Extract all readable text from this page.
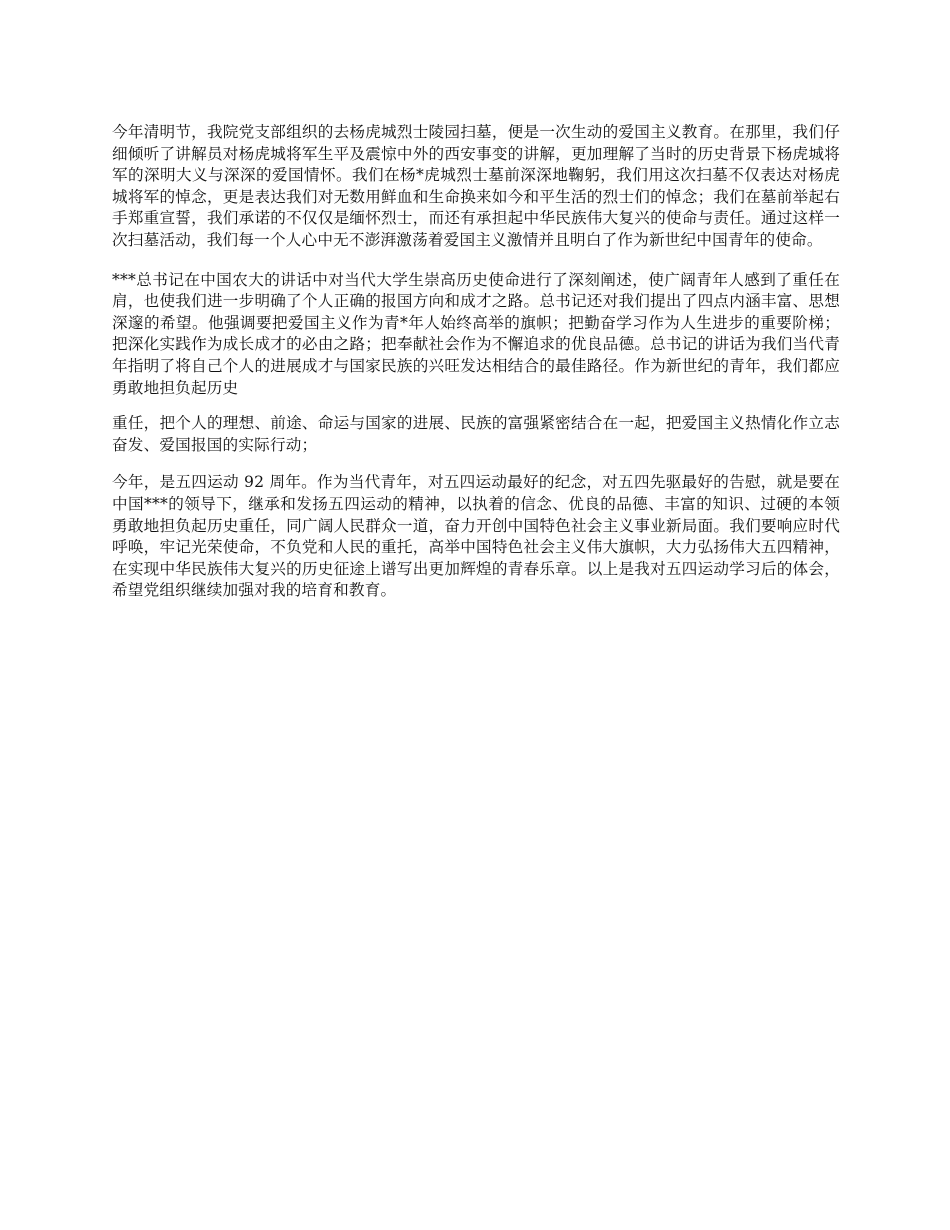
今年清明节，我院党支部组织的去杨虎城烈士陵园扫墓，便是一次生动的爱国主义教育。在那里，我们仔细倾听了讲解员对杨虎城将军生平及震惊中外的西安事变的讲解，更加理解了当时的历史背景下杨虎城将军的深明大义与深深的爱国情怀。我们在杨*虎城烈士墓前深深地鞠躬，我们用这次扫墓不仅表达对杨虎城将军的悼念，更是表达我们对无数用鲜血和生命换来如今和平生活的烈士们的悼念；我们在墓前举起右手郑重宣誓，我们承诺的不仅仅是缅怀烈士，而还有承担起中华民族伟大复兴的使命与责任。通过这样一次扫墓活动，我们每一个人心中无不澎湃激荡着爱国主义激情并且明白了作为新世纪中国青年的使命。

***总书记在中国农大的讲话中对当代大学生崇高历史使命进行了深刻阐述，使广阔青年人感到了重任在肩，也使我们进一步明确了个人正确的报国方向和成才之路。总书记还对我们提出了四点内涵丰富、思想深邃的希望。他强调要把爱国主义作为青*年人始终高举的旗帜；把勤奋学习作为人生进步的重要阶梯；把深化实践作为成长成才的必由之路；把奉献社会作为不懈追求的优良品德。总书记的讲话为我们当代青年指明了将自己个人的进展成才与国家民族的兴旺发达相结合的最佳路径。作为新世纪的青年，我们都应勇敢地担负起历史

重任，把个人的理想、前途、命运与国家的进展、民族的富强紧密结合在一起，把爱国主义热情化作立志奋发、爱国报国的实际行动；

今年，是五四运动 92 周年。作为当代青年，对五四运动最好的纪念，对五四先驱最好的告慰，就是要在中国***的领导下，继承和发扬五四运动的精神，以执着的信念、优良的品德、丰富的知识、过硬的本领勇敢地担负起历史重任，同广阔人民群众一道，奋力开创中国特色社会主义事业新局面。我们要响应时代呼唤，牢记光荣使命，不负党和人民的重托，高举中国特色社会主义伟大旗帜，大力弘扬伟大五四精神，在实现中华民族伟大复兴的历史征途上谱写出更加辉煌的青春乐章。以上是我对五四运动学习后的体会，希望党组织继续加强对我的培育和教育。
